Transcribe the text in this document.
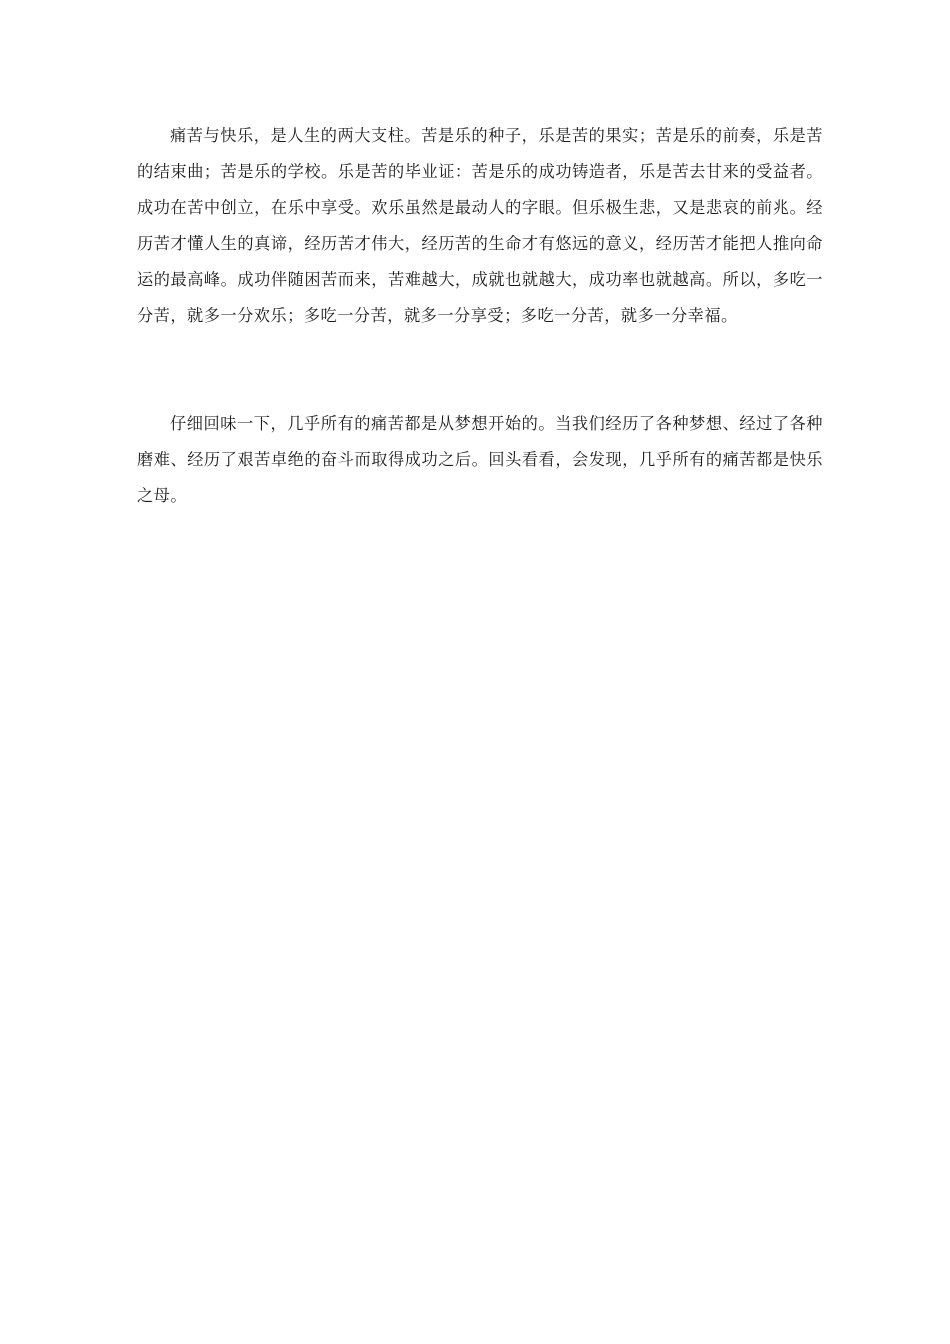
痛苦与快乐，是人生的两大支柱。苦是乐的种子，乐是苦的果实；苦是乐的前奏，乐是苦的结束曲；苦是乐的学校。乐是苦的毕业证：苦是乐的成功铸造者，乐是苦去甘来的受益者。成功在苦中创立，在乐中享受。欢乐虽然是最动人的字眼。但乐极生悲，又是悲哀的前兆。经历苦才懂人生的真谛，经历苦才伟大，经历苦的生命才有悠远的意义，经历苦才能把人推向命运的最高峰。成功伴随困苦而来，苦难越大，成就也就越大，成功率也就越高。所以，多吃一分苦，就多一分欢乐；多吃一分苦，就多一分享受；多吃一分苦，就多一分幸福。

仔细回味一下，几乎所有的痛苦都是从梦想开始的。当我们经历了各种梦想、经过了各种磨难、经历了艰苦卓绝的奋斗而取得成功之后。回头看看，会发现，几乎所有的痛苦都是快乐之母。
